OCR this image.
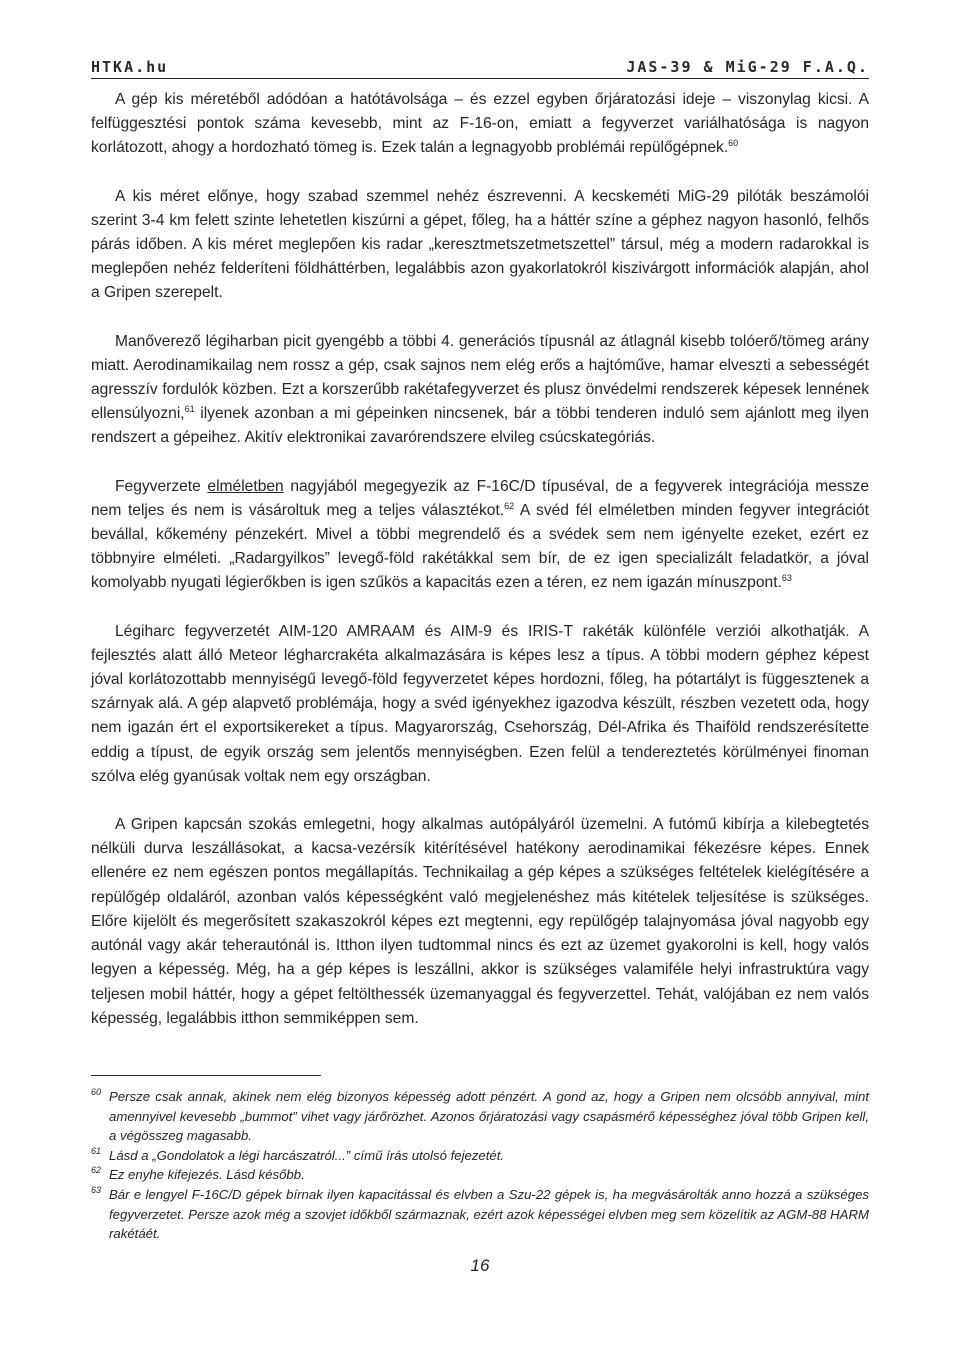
HTKA.hu	JAS-39 & MiG-29 F.A.Q.

A gép kis méretéből adódóan a hatótávolsága – és ezzel egyben őrjáratozási ideje – viszonylag kicsi. A felfüggesztési pontok száma kevesebb, mint az F-16-on, emiatt a fegyverzet variálhatósága is nagyon korlátozott, ahogy a hordozható tömeg is. Ezek talán a legnagyobb problémái repülőgépnek.$^{60}$

A kis méret előnye, hogy szabad szemmel nehéz észrevenni. A kecskeméti MiG-29 pilóták beszámolói szerint 3-4 km felett szinte lehetetlen kiszúrni a gépet, főleg, ha a háttér színe a géphez nagyon hasonló, felhős párás időben. A kis méret meglepően kis radar „keresztmetszetmetszettel” társul, még a modern radarokkal is meglepően nehéz felderíteni földháttérben, legalábbis azon gyakorlatokról kiszivárgott információk alapján, ahol a Gripen szerepelt.

Manőverező légiharban picit gyengébb a többi 4. generációs típusnál az átlagnál kisebb tolóerő/tömeg arány miatt. Aerodinamikailag nem rossz a gép, csak sajnos nem elég erős a hajtóműve, hamar elveszti a sebességét agresszív fordulók közben. Ezt a korszerűbb rakétafegyverzet és plusz önvédelmi rendszerek képesek lennének ellensúlyozni,$^{61}$ ilyenek azonban a mi gépeinken nincsenek, bár a többi tenderen induló sem ajánlott meg ilyen rendszert a gépeihez. Akitív elektronikai zavarórendszere elvileg csúcskategóriás.

Fegyverzete elméletben nagyjából megegyezik az F-16C/D típuséval, de a fegyverek integrációja messze nem teljes és nem is vásároltuk meg a teljes választékot.$^{62}$ A svéd fél elméletben minden fegyver integrációt bevállal, kőkemény pénzekért. Mivel a többi megrendelő és a svédek sem nem igényelte ezeket, ezért ez többnyire elméleti. „Radargyilkos” levegő-föld rakétákkal sem bír, de ez igen specializált feladatkör, a jóval komolyabb nyugati légierőkben is igen szűkös a kapacitás ezen a téren, ez nem igazán mínuszpont.$^{63}$

Légiharc fegyverzetét AIM-120 AMRAAM és AIM-9 és IRIS-T rakéták különféle verziói alkothatják. A fejlesztés alatt álló Meteor légharcrakéta alkalmazására is képes lesz a típus. A többi modern géphez képest jóval korlátozottabb mennyiségű levegő-föld fegyverzetet képes hordozni, főleg, ha pótartályt is függesztenek a szárnyak alá. A gép alapvető problémája, hogy a svéd igényekhez igazodva készült, részben vezetett oda, hogy nem igazán ért el exportsikereket a típus. Magyarország, Csehország, Dél-Afrika és Thaiföld rendszerésítette eddig a típust, de egyik ország sem jelentős mennyiségben. Ezen felül a tendereztetés körülményei finoman szólva elég gyanúsak voltak nem egy országban.

A Gripen kapcsán szokás emlegetni, hogy alkalmas autópályáról üzemelni. A futómű kibírja a kilebegtetés nélküli durva leszállásokat, a kacsa-vezérsík kitérítésével hatékony aerodinamikai fékezésre képes. Ennek ellenére ez nem egészen pontos megállapítás. Technikailag a gép képes a szükséges feltételek kielégítésére a repülőgép oldaláról, azonban valós képességként való megjelenéshez más kitételek teljesítése is szükséges. Előre kijelölt és megerősített szakaszokról képes ezt megtenni, egy repülőgép talajnyomása jóval nagyobb egy autónál vagy akár teherautónál is. Itthon ilyen tudtommal nincs és ezt az üzemet gyakorolni is kell, hogy valós legyen a képesség. Még, ha a gép képes is leszállni, akkor is szükséges valamiféle helyi infrastruktúra vagy teljesen mobil háttér, hogy a gépet feltölthessék üzemanyaggal és fegyverzettel. Tehát, valójában ez nem valós képesség, legalábbis itthon semmiképpen sem.

60 Persze csak annak, akinek nem elég bizonyos képesség adott pénzért. A gond az, hogy a Gripen nem olcsóbb annyival, mint amennyivel kevesebb „bummot” vihet vagy járőrözhet. Azonos őrjáratozási vagy csapásmérő képességhez jóval több Gripen kell, a végösszeg magasabb.

61 Lásd a „Gondolatok a légi harcászatról...” című írás utolsó fejezetét.

62 Ez enyhe kifejezés. Lásd később.

63 Bár e lengyel F-16C/D gépek bírnak ilyen kapacitással és elvben a Szu-22 gépek is, ha megvásárolták anno hozzá a szükséges fegyverzetet. Persze azok még a szovjet időkből származnak, ezért azok képességei elvben meg sem közelítik az AGM-88 HARM rakétáét.

16
